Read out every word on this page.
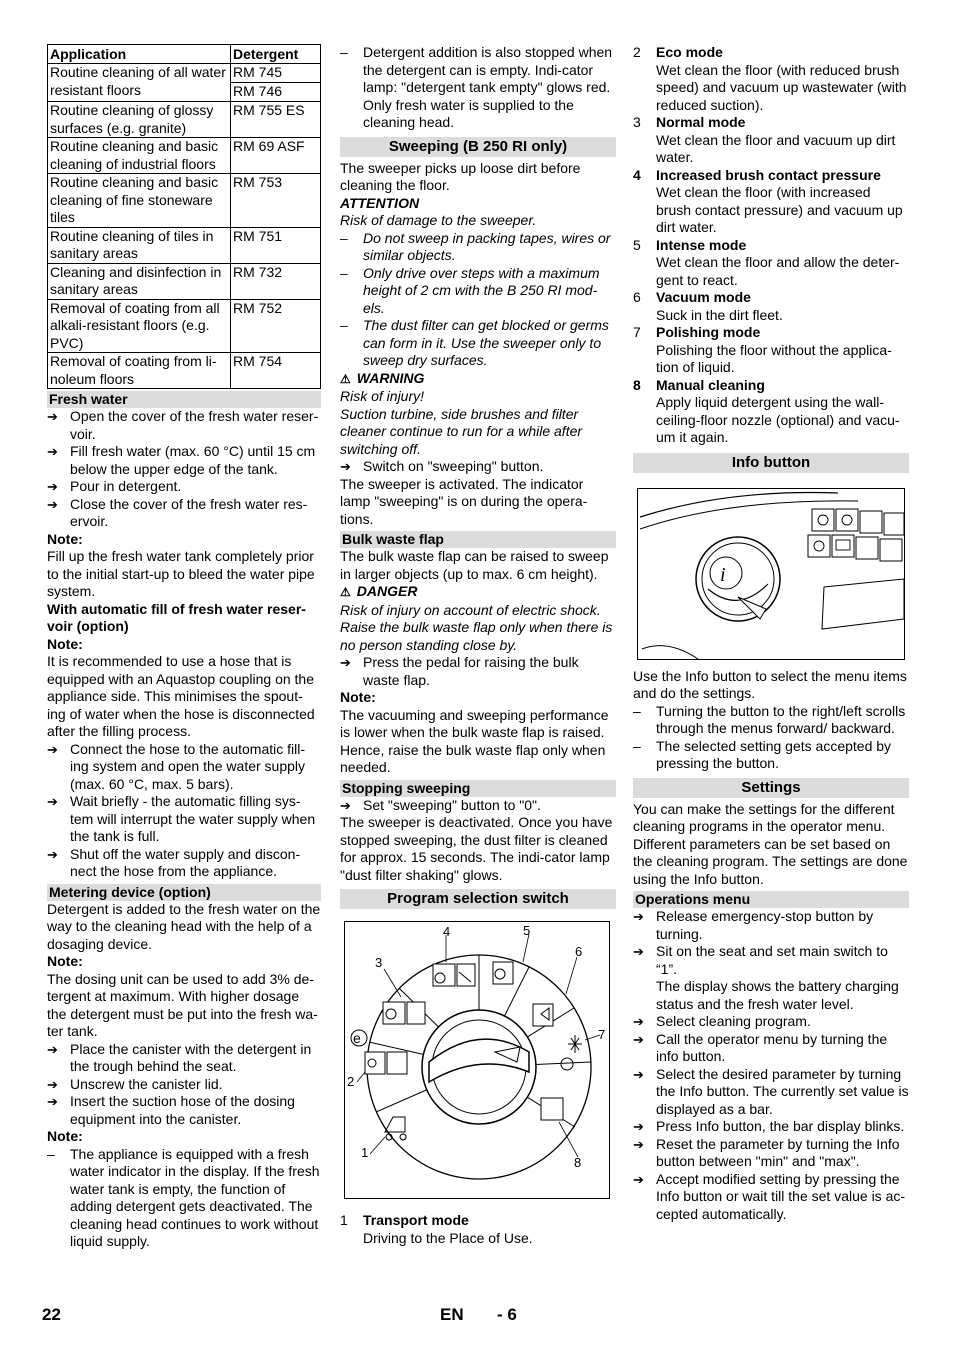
Application	Detergent
Routine cleaning of all water resistant floors	RM 745
	RM 746
Routine cleaning of glossy surfaces (e.g. granite)	RM 755 ES
Routine cleaning and basic cleaning of industrial floors	RM 69 ASF
Routine cleaning and basic cleaning of fine stoneware tiles	RM 753
Routine cleaning of tiles in sanitary areas	RM 751
Cleaning and disinfection in sanitary areas	RM 732
Removal of coating from all alkali-resistant floors (e.g. PVC)	RM 752
Removal of coating from li-noleum floors	RM 754

Fresh water

➔ Open the cover of the fresh water reser-voir.
➔ Fill fresh water (max. 60 °C) until 15 cm below the upper edge of the tank.
➔ Pour in detergent.
➔ Close the cover of the fresh water res-ervoir.

Note:

Fill up the fresh water tank completely prior to the initial start-up to bleed the water pipe system.

With automatic fill of fresh water reser-voir (option)

Note:

It is recommended to use a hose that is equipped with an Aquastop coupling on the appliance side. This minimises the spout-ing of water when the hose is disconnected after the filling process.

➔ Connect the hose to the automatic fill-ing system and open the water supply (max. 60 °C, max. 5 bars).
➔ Wait briefly - the automatic filling sys-tem will interrupt the water supply when the tank is full.
➔ Shut off the water supply and discon-nect the hose from the appliance.

Metering device (option)

Detergent is added to the fresh water on the way to the cleaning head with the help of a dosaging device.

Note:

The dosing unit can be used to add 3% de-tergent at maximum. With higher dosage the detergent must be put into the fresh wa-ter tank.

➔ Place the canister with the detergent in the trough behind the seat.
➔ Unscrew the canister lid.
➔ Insert the suction hose of the dosing equipment into the canister.

Note:

–	The appliance is equipped with a fresh water indicator in the display. If the fresh water tank is empty, the function of adding detergent gets deactivated. The cleaning head continues to work without liquid supply.
–	Detergent addition is also stopped when the detergent can is empty. Indi-cator lamp: "detergent tank empty" glows red. Only fresh water is supplied to the cleaning head.

Sweeping (B 250 RI only)

The sweeper picks up loose dirt before cleaning the floor.

ATTENTION

Risk of damage to the sweeper.

–	Do not sweep in packing tapes, wires or similar objects.
–	Only drive over steps with a maximum height of 2 cm with the B 250 RI mod-els.
–	The dust filter can get blocked or germs can form in it. Use the sweeper only to sweep dry surfaces.

⚠ WARNING

Risk of injury!

Suction turbine, side brushes and filter cleaner continue to run for a while after switching off.

➔ Switch on "sweeping" button.

The sweeper is activated. The indicator lamp "sweeping" is on during the opera-tions.

Bulk waste flap

The bulk waste flap can be raised to sweep in larger objects (up to max. 6 cm height).

⚠ DANGER

Risk of injury on account of electric shock. Raise the bulk waste flap only when there is no person standing close by.

➔ Press the pedal for raising the bulk waste flap.

Note:

The vacuuming and sweeping performance is lower when the bulk waste flap is raised. Hence, raise the bulk waste flap only when needed.

Stopping sweeping

➔ Set "sweeping" button to "0".

The sweeper is deactivated. Once you have stopped sweeping, the dust filter is cleaned for approx. 15 seconds. The indi-cator lamp "dust filter shaking" glows.

Program selection switch

4	5
6
3
7
2
1
8
e
1	Transport mode
Driving to the Place of Use.
2	Eco mode
Wet clean the floor (with reduced brush speed) and vacuum up wastewater (with reduced suction).
3	Normal mode
Wet clean the floor and vacuum up dirt water.
4	Increased brush contact pressure
Wet clean the floor (with increased brush contact pressure) and vacuum up dirt water.
5	Intense mode
Wet clean the floor and allow the deter-gent to react.
6	Vacuum mode
Suck in the dirt fleet.
7	Polishing mode
Polishing the floor without the applica-tion of liquid.
8	Manual cleaning
Apply liquid detergent using the wall-ceiling-floor nozzle (optional) and vacu-um it again.

Info button

i

Use the Info button to select the menu items and do the settings.

–	Turning the button to the right/left scrolls through the menus forward/ backward.
–	The selected setting gets accepted by pressing the button.

Settings

You can make the settings for the different cleaning programs in the operator menu. Different parameters can be set based on the cleaning program. The settings are done using the Info button.

Operations menu

➔ Release emergency-stop button by turning.
➔ Sit on the seat and set main switch to “1”.
The display shows the battery charging status and the fresh water level.
➔ Select cleaning program.
➔ Call the operator menu by turning the info button.
➔ Select the desired parameter by turning the Info button. The currently set value is displayed as a bar.
➔ Press Info button, the bar display blinks.
➔ Reset the parameter by turning the Info button between "min" and "max".
➔ Accept modified setting by pressing the Info button or wait till the set value is ac-cepted automatically.
22	EN - 6
